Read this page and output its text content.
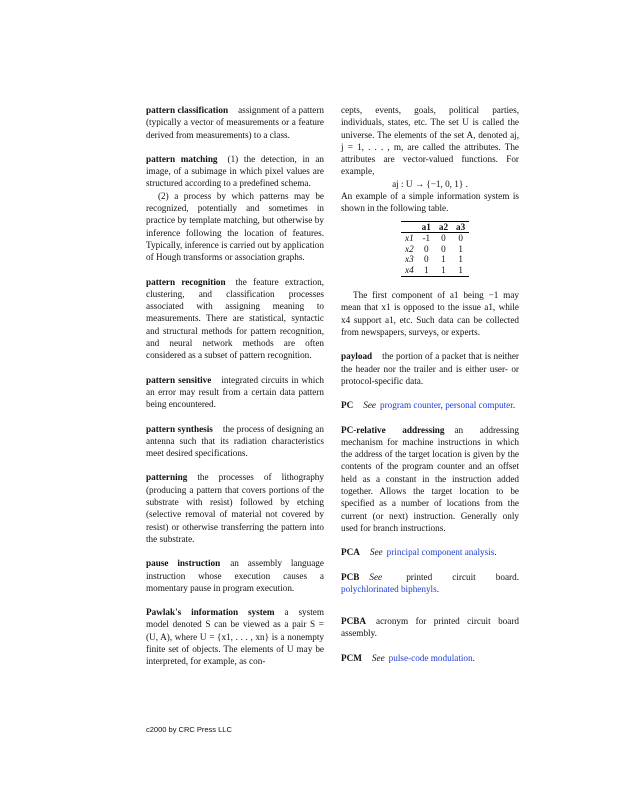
pattern classification assignment of a pattern (typically a vector of measurements or a feature derived from measurements) to a class.

pattern matching (1) the detection, in an image, of a subimage in which pixel values are structured according to a predefined schema.

(2) a process by which patterns may be recognized, potentially and sometimes in practice by template matching, but otherwise by inference following the location of features. Typically, inference is carried out by application of Hough transforms or association graphs.

pattern recognition the feature extraction, clustering, and classification processes associated with assigning meaning to measurements. There are statistical, syntactic and structural methods for pattern recognition, and neural network methods are often considered as a subset of pattern recognition.

pattern sensitive integrated circuits in which an error may result from a certain data pattern being encountered.

pattern synthesis the process of designing an antenna such that its radiation characteristics meet desired specifications.

patterning the processes of lithography (producing a pattern that covers portions of the substrate with resist) followed by etching (selective removal of material not covered by resist) or otherwise transferring the pattern into the substrate.

pause instruction an assembly language instruction whose execution causes a momentary pause in program execution.

Pawlak's information system a system model denoted S can be viewed as a pair S = (U, A), where U = {x1, . . . , xn} is a nonempty finite set of objects. The elements of U may be interpreted, for example, as con-

cepts, events, goals, political parties, individuals, states, etc. The set U is called the universe. The elements of the set A, denoted aj, j = 1, . . . , m, are called the attributes. The attributes are vector-valued functions. For example,

aj : U → {−1, 0, 1} .

An example of a simple information system is shown in the following table.

	a1	a2	a3
x1	-1	0	0
x2	0	0	1
x3	0	1	1
x4	1	1	1

The first component of a1 being −1 may mean that x1 is opposed to the issue a1, while x4 support a1, etc. Such data can be collected from newspapers, surveys, or experts.

payload the portion of a packet that is neither the header nor the trailer and is either user- or protocol-specific data.

PC See program counter, personal computer.

PC-relative addressing an addressing mechanism for machine instructions in which the address of the target location is given by the contents of the program counter and an offset held as a constant in the instruction added together. Allows the target location to be specified as a number of locations from the current (or next) instruction. Generally only used for branch instructions.

PCA See principal component analysis.

PCB See	printed circuit board. polychlorinated biphenyls.

PCBA acronym for printed circuit board assembly.

PCM See pulse-code modulation.

c2000 by CRC Press LLC
